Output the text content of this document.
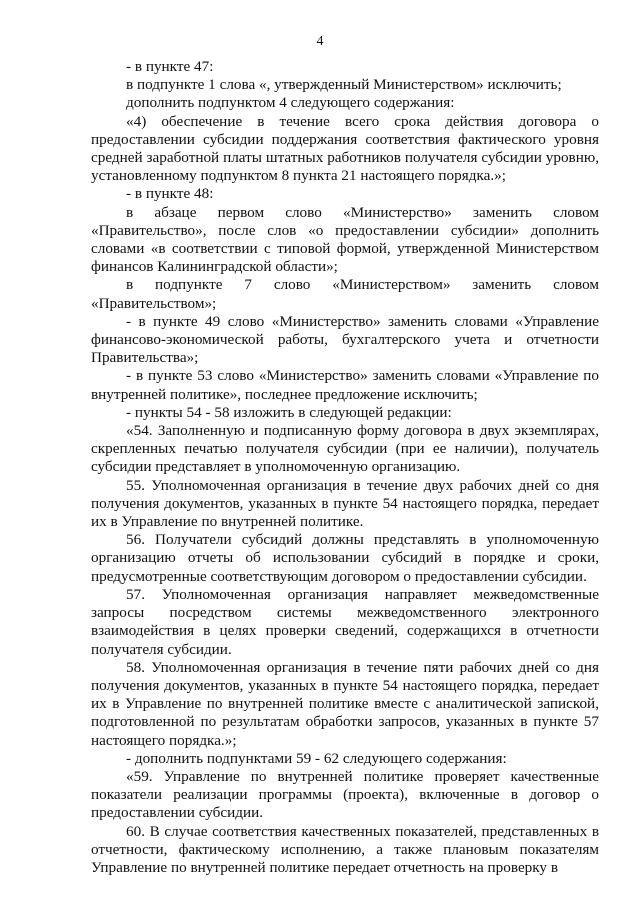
4

- в пункте 47:

в подпункте 1 слова «, утвержденный Министерством» исключить;

дополнить подпунктом 4 следующего содержания:

«4) обеспечение в течение всего срока действия договора о предоставлении субсидии поддержания соответствия фактического уровня средней заработной платы штатных работников получателя субсидии уровню, установленному подпунктом 8 пункта 21 настоящего порядка.»;

- в пункте 48:

в абзаце первом слово «Министерство» заменить словом «Правительство», после слов «о предоставлении субсидии» дополнить словами «в соответствии с типовой формой, утвержденной Министерством финансов Калининградской области»;

в подпункте 7 слово «Министерством» заменить словом «Правительством»;

- в пункте 49 слово «Министерство» заменить словами «Управление финансово-экономической работы, бухгалтерского учета и отчетности Правительства»;

- в пункте 53 слово «Министерство» заменить словами «Управление по внутренней политике», последнее предложение исключить;

- пункты 54 - 58 изложить в следующей редакции:

«54. Заполненную и подписанную форму договора в двух экземплярах, скрепленных печатью получателя субсидии (при ее наличии), получатель субсидии представляет в уполномоченную организацию.

55. Уполномоченная организация в течение двух рабочих дней со дня получения документов, указанных в пункте 54 настоящего порядка, передает их в Управление по внутренней политике.

56. Получатели субсидий должны представлять в уполномоченную организацию отчеты об использовании субсидий в порядке и сроки, предусмотренные соответствующим договором о предоставлении субсидии.

57. Уполномоченная организация направляет межведомственные запросы посредством системы межведомственного электронного взаимодействия в целях проверки сведений, содержащихся в отчетности получателя субсидии.

58. Уполномоченная организация в течение пяти рабочих дней со дня получения документов, указанных в пункте 54 настоящего порядка, передает их в Управление по внутренней политике вместе с аналитической запиской, подготовленной по результатам обработки запросов, указанных в пункте 57 настоящего порядка.»;

- дополнить подпунктами 59 - 62 следующего содержания:

«59. Управление по внутренней политике проверяет качественные показатели реализации программы (проекта), включенные в договор о предоставлении субсидии.

60. В случае соответствия качественных показателей, представленных в отчетности, фактическому исполнению, а также плановым показателям Управление по внутренней политике передает отчетность на проверку в
